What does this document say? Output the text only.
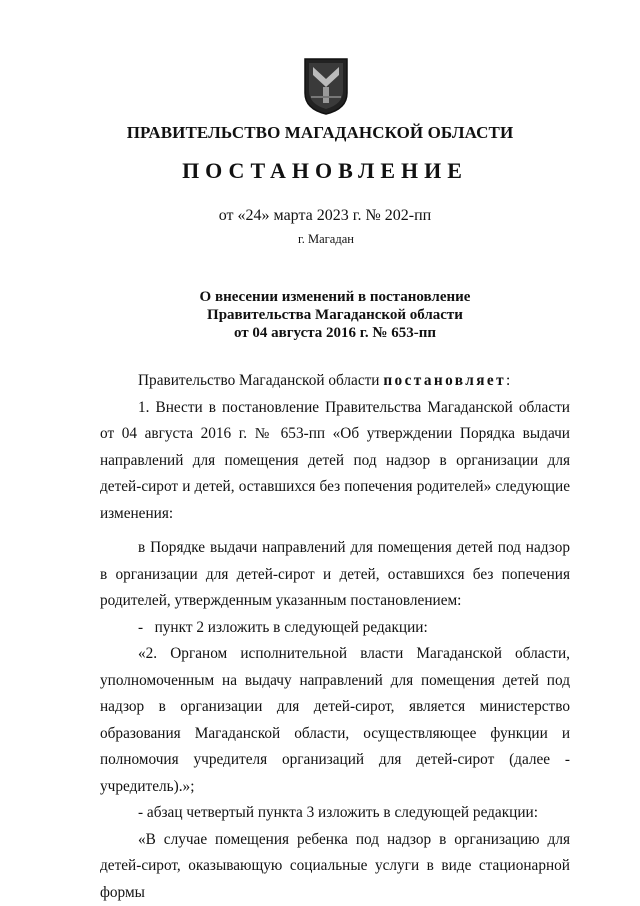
ПРАВИТЕЛЬСТВО МАГАДАНСКОЙ ОБЛАСТИ
ПОСТАНОВЛЕНИЕ
от «24» марта 2023 г. № 202-пп
г. Магадан
О внесении изменений в постановление
Правительства Магаданской области
от 04 августа 2016 г. № 653-пп

Правительство Магаданской области постановляет:

1. Внести в постановление Правительства Магаданской области от 04 августа 2016 г. № 653-пп «Об утверждении Порядка выдачи направлений для помещения детей под надзор в организации для детей-сирот и детей, оставшихся без попечения родителей» следующие изменения:

в Порядке выдачи направлений для помещения детей под надзор в организации для детей-сирот и детей, оставшихся без попечения родителей, утвержденным указанным постановлением:

-   пункт 2 изложить в следующей редакции:

«2. Органом исполнительной власти Магаданской области, уполномоченным на выдачу направлений для помещения детей под надзор в организации для детей-сирот, является министерство образования Магаданской области, осуществляющее функции и полномочия учредителя организаций для детей-сирот (далее - учредитель).»;

- абзац четвертый пункта 3 изложить в следующей редакции:

«В случае помещения ребенка под надзор в организацию для детей-сирот, оказывающую социальные услуги в виде стационарной формы
